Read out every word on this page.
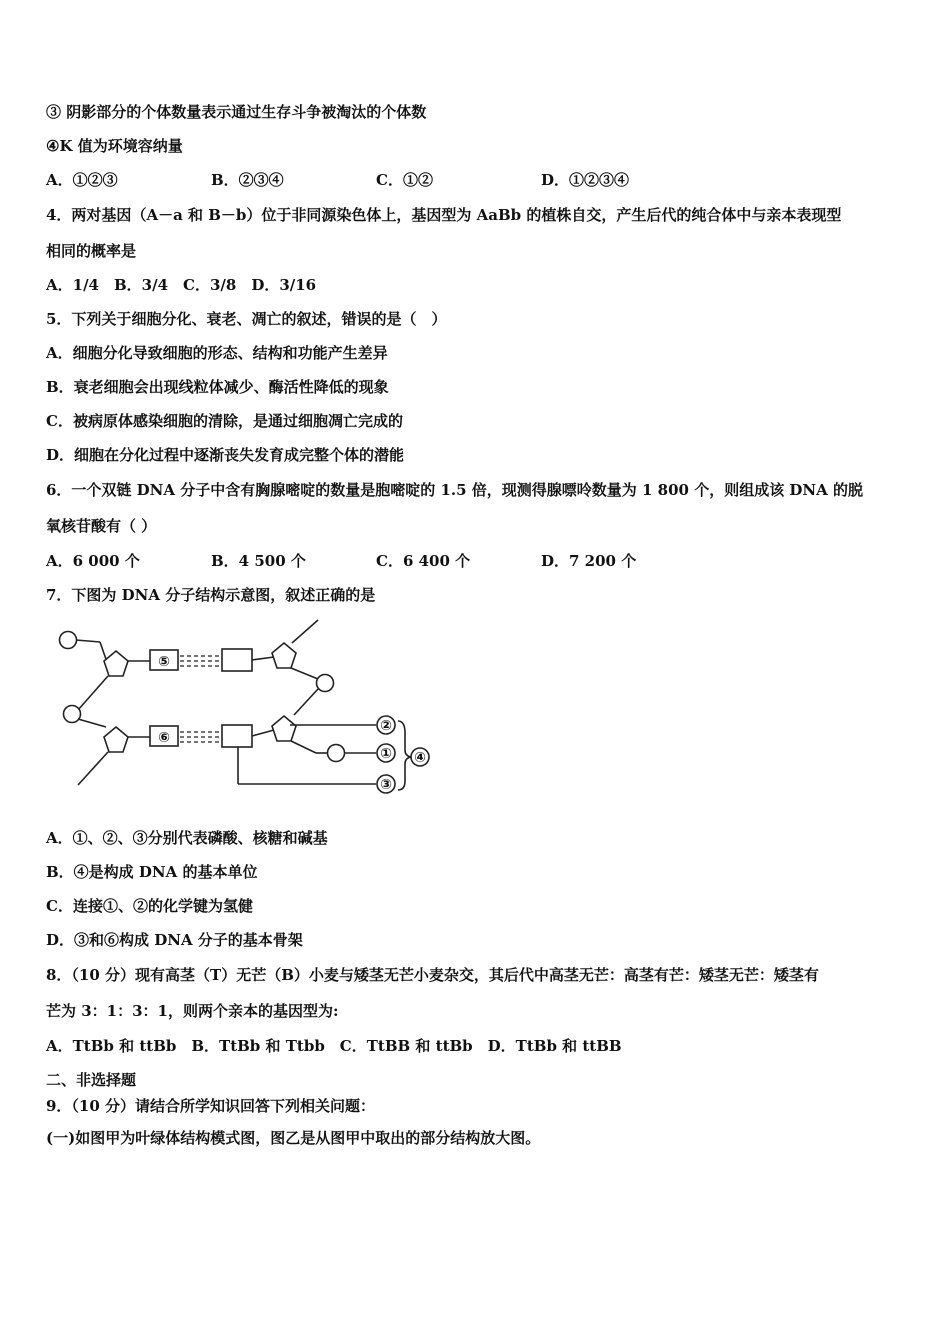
③ 阴影部分的个体数量表示通过生存斗争被淘汰的个体数
④K 值为环境容纳量
A．①②③	B．②③④	C．①②	D．①②③④
4．两对基因（A－a 和 B－b）位于非同源染色体上，基因型为 AaBb 的植株自交，产生后代的纯合体中与亲本表现型
相同的概率是
A．1/4　B．3/4　C．3/8　D．3/16
5．下列关于细胞分化、衰老、凋亡的叙述，错误的是（　）
A．细胞分化导致细胞的形态、结构和功能产生差异
B．衰老细胞会出现线粒体减少、酶活性降低的现象
C．被病原体感染细胞的清除，是通过细胞凋亡完成的
D．细胞在分化过程中逐渐丧失发育成完整个体的潜能
6．一个双链 DNA 分子中含有胸腺嘧啶的数量是胞嘧啶的 1.5 倍，现测得腺嘌呤数量为 1 800 个，则组成该 DNA 的脱
氧核苷酸有（ ）
A．6 000 个	B．4 500 个	C．6 400 个	D．7 200 个
7．下图为 DNA 分子结构示意图，叙述正确的是
⑤
⑥
②
①
③
④
A．①、②、③分别代表磷酸、核糖和碱基
B．④是构成 DNA 的基本单位
C．连接①、②的化学键为氢健
D．③和⑥构成 DNA 分子的基本骨架
8．（10 分）现有高茎（T）无芒（B）小麦与矮茎无芒小麦杂交，其后代中高茎无芒：高茎有芒：矮茎无芒：矮茎有
芒为 3：1：3：1，则两个亲本的基因型为:
A．TtBb 和 ttBb　B．TtBb 和 Ttbb　C．TtBB 和 ttBb　D．TtBb 和 ttBB
二、非选择题
9．（10 分）请结合所学知识回答下列相关问题：
(一)如图甲为叶绿体结构模式图，图乙是从图甲中取出的部分结构放大图。
